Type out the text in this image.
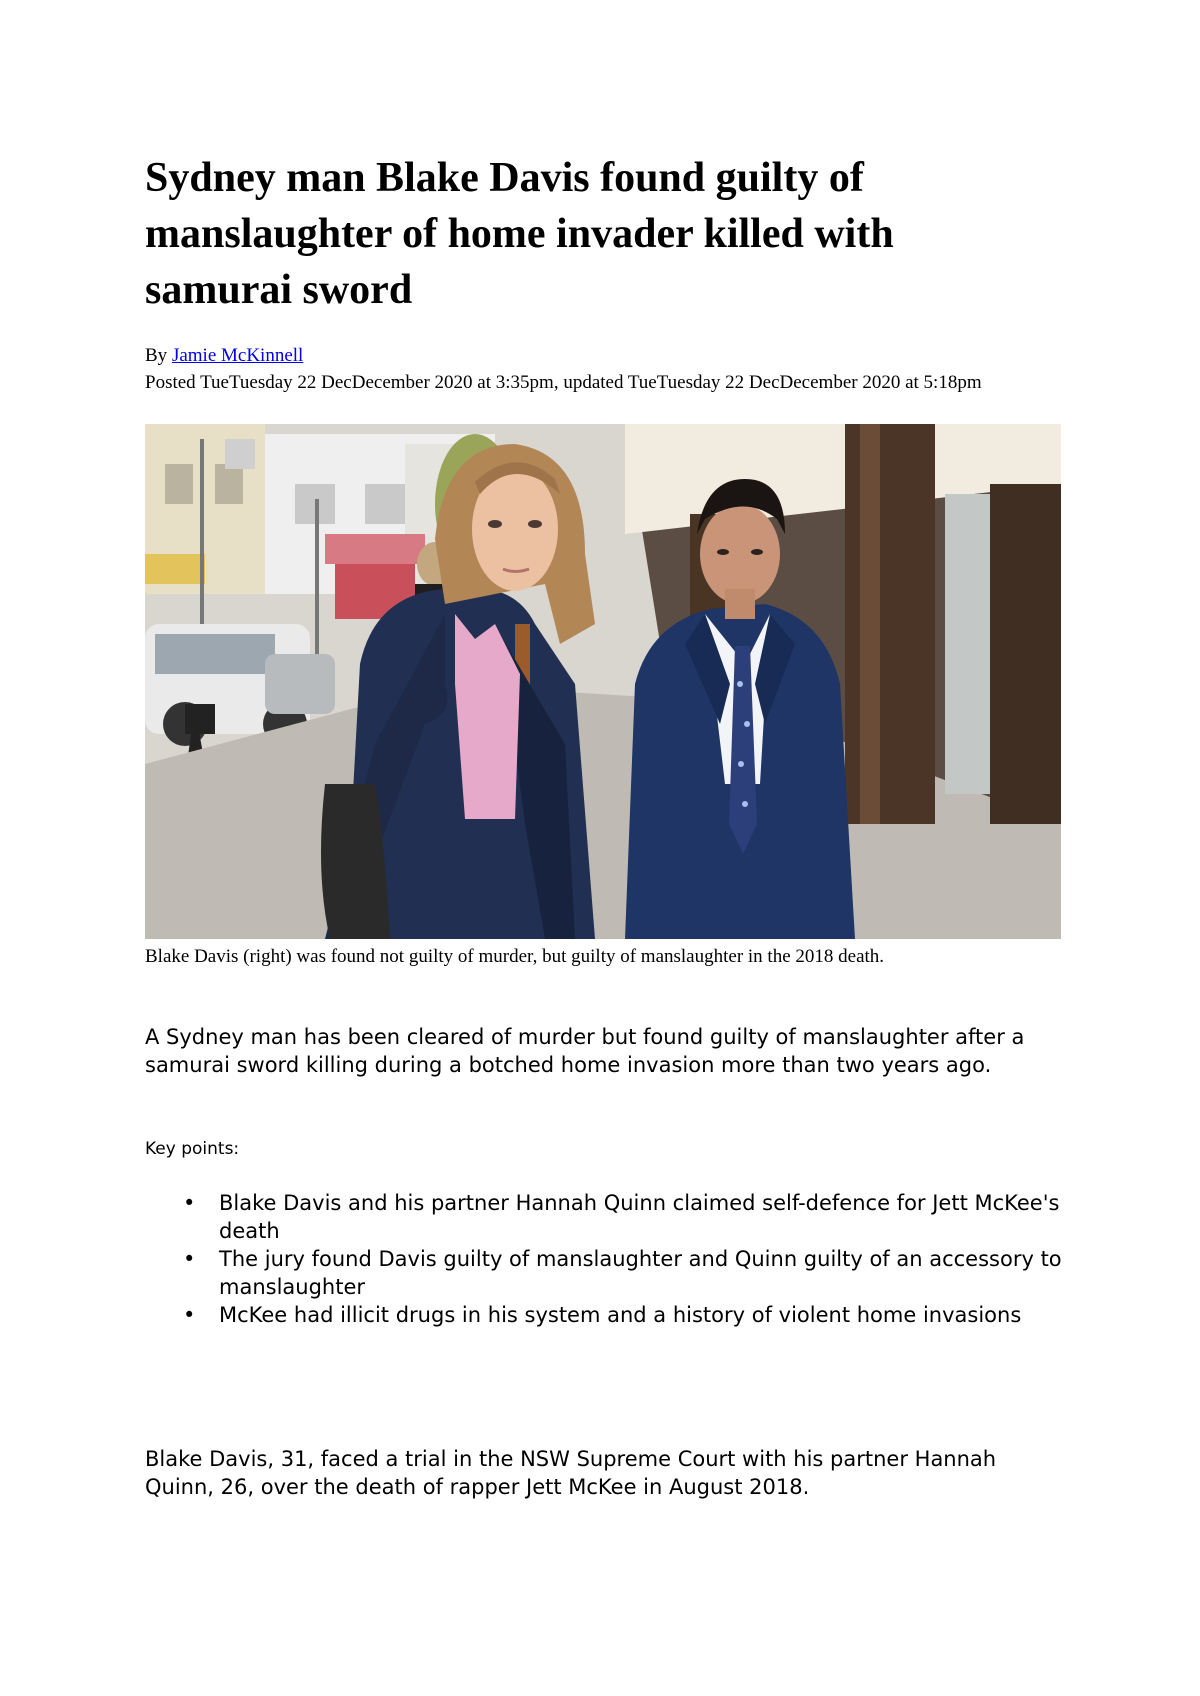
Sydney man Blake Davis found guilty of manslaughter of home invader killed with samurai sword
By Jamie McKinnell
Posted TueTuesday 22 DecDecember 2020 at 3:35pm, updated TueTuesday 22 DecDecember 2020 at 5:18pm
Blake Davis (right) was found not guilty of murder, but guilty of manslaughter in the 2018 death.

A Sydney man has been cleared of murder but found guilty of manslaughter after a samurai sword killing during a botched home invasion more than two years ago.

Key points:
• Blake Davis and his partner Hannah Quinn claimed self-defence for Jett McKee's death
• The jury found Davis guilty of manslaughter and Quinn guilty of an accessory to manslaughter
• McKee had illicit drugs in his system and a history of violent home invasions

Blake Davis, 31, faced a trial in the NSW Supreme Court with his partner Hannah Quinn, 26, over the death of rapper Jett McKee in August 2018.
